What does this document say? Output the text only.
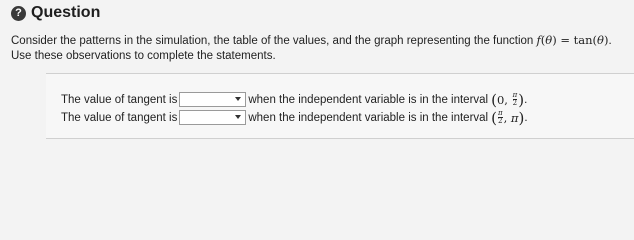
? Question
Consider the patterns in the simulation, the table of the values, and the graph representing the function f(θ) = tan(θ).
Use these observations to complete the statements.
The value of tangent is	when the independent variable is in the interval ( 0 , $\frac{\pi}{2}$ ) .
The value of tangent is	when the independent variable is in the interval ( $\frac{\pi}{2}$ , π ) .
